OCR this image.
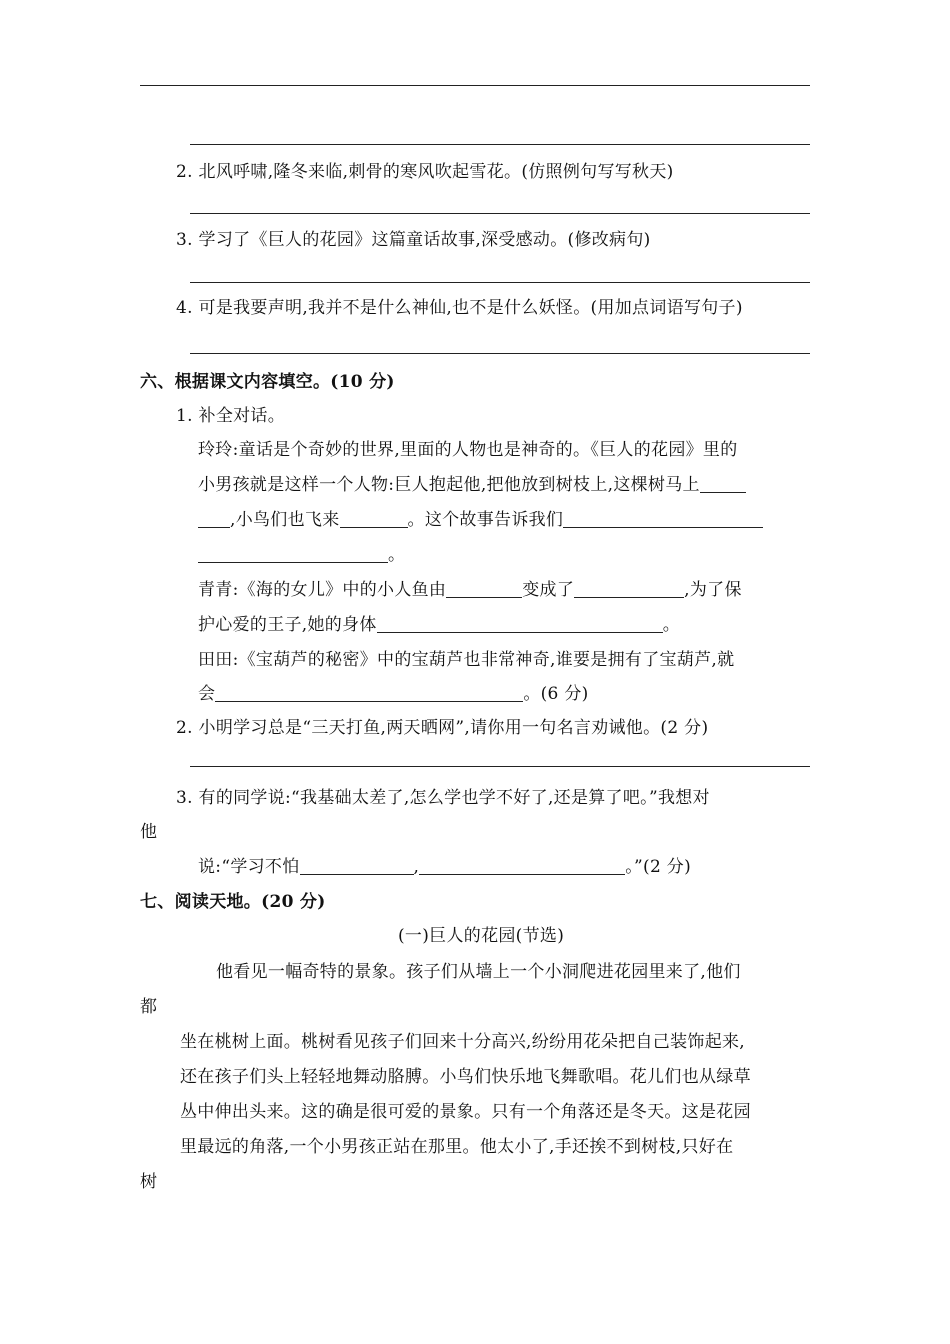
2. 北风呼啸,隆冬来临,刺骨的寒风吹起雪花。(仿照例句写写秋天)
3. 学习了《巨人的花园》这篇童话故事,深受感动。(修改病句)
4. 可是我要声明,我并不是什么神仙,也不是什么妖怪。(用加点词语写句子)
六、根据课文内容填空。(10 分)
1. 补全对话。
玲玲:童话是个奇妙的世界,里面的人物也是神奇的。《巨人的花园》里的
小男孩就是这样一个人物:巨人抱起他,把他放到树枝上,这棵树马上
,小鸟们也飞来	。这个故事告诉我们
。
青青:《海的女儿》中的小人鱼由	变成了	,为了保
护心爱的王子,她的身体	。
田田:《宝葫芦的秘密》中的宝葫芦也非常神奇,谁要是拥有了宝葫芦,就
会	。(6 分)
2. 小明学习总是“三天打鱼,两天晒网”,请你用一句名言劝诫他。(2 分)
3. 有的同学说:“我基础太差了,怎么学也学不好了,还是算了吧。”我想对
他
说:“学习不怕	,	。”(2 分)
七、阅读天地。(20 分)
(一)巨人的花园(节选)
他看见一幅奇特的景象。孩子们从墙上一个小洞爬进花园里来了,他们
都
坐在桃树上面。桃树看见孩子们回来十分高兴,纷纷用花朵把自己装饰起来,
还在孩子们头上轻轻地舞动胳膊。小鸟们快乐地飞舞歌唱。花儿们也从绿草
丛中伸出头来。这的确是很可爱的景象。只有一个角落还是冬天。这是花园
里最远的角落,一个小男孩正站在那里。他太小了,手还挨不到树枝,只好在
树
